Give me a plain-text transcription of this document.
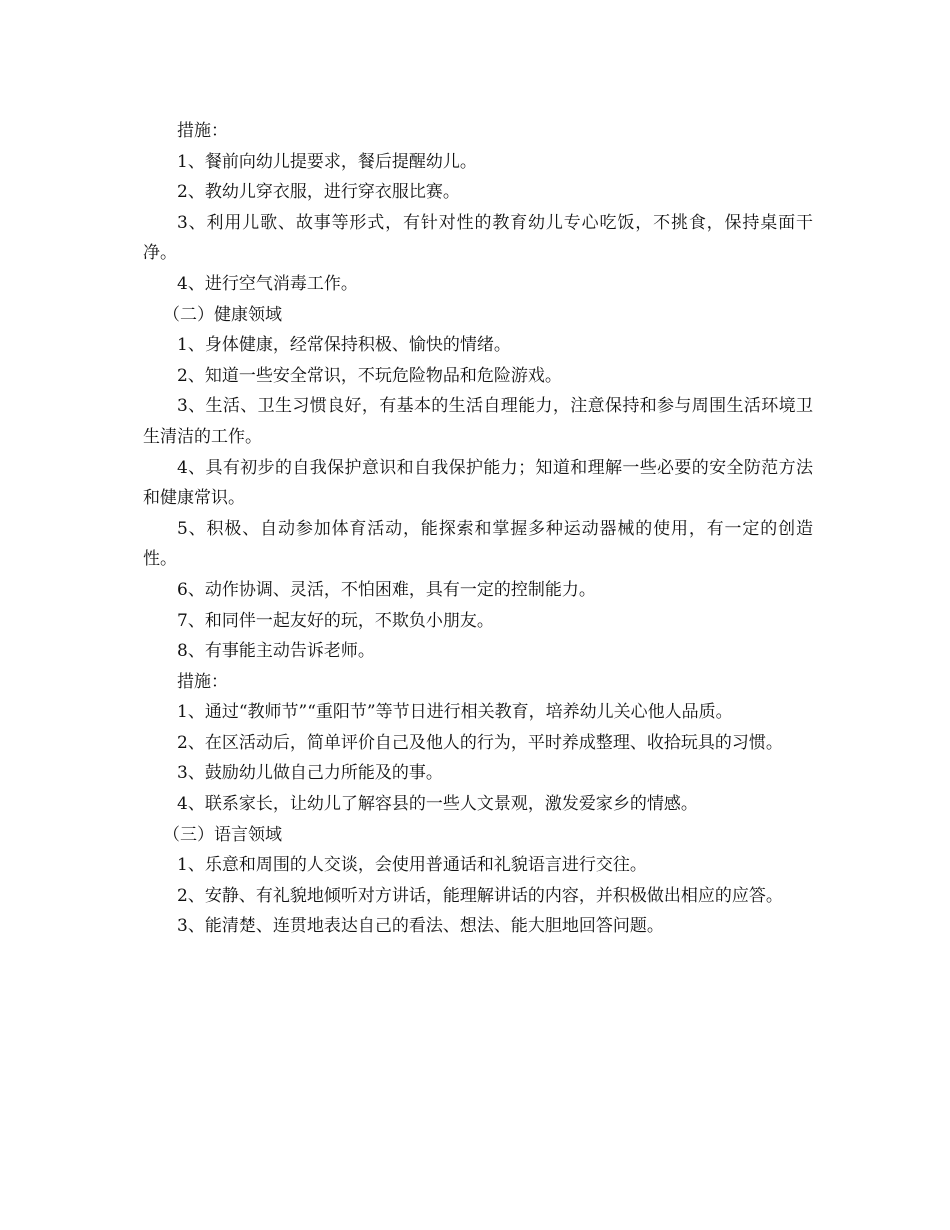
措施：

1、餐前向幼儿提要求，餐后提醒幼儿。

2、教幼儿穿衣服，进行穿衣服比赛。

3、利用儿歌、故事等形式，有针对性的教育幼儿专心吃饭，不挑食，保持桌面干净。

4、进行空气消毒工作。

（二）健康领域

1、身体健康，经常保持积极、愉快的情绪。

2、知道一些安全常识，不玩危险物品和危险游戏。

3、生活、卫生习惯良好，有基本的生活自理能力，注意保持和参与周围生活环境卫生清洁的工作。

4、具有初步的自我保护意识和自我保护能力；知道和理解一些必要的安全防范方法和健康常识。

5、积极、自动参加体育活动，能探索和掌握多种运动器械的使用，有一定的创造性。

6、动作协调、灵活，不怕困难，具有一定的控制能力。

7、和同伴一起友好的玩，不欺负小朋友。

8、有事能主动告诉老师。

措施：

1、通过“教师节”“重阳节”等节日进行相关教育，培养幼儿关心他人品质。

2、在区活动后，简单评价自己及他人的行为，平时养成整理、收拾玩具的习惯。

3、鼓励幼儿做自己力所能及的事。

4、联系家长，让幼儿了解容县的一些人文景观，激发爱家乡的情感。

（三）语言领域

1、乐意和周围的人交谈，会使用普通话和礼貌语言进行交往。

2、安静、有礼貌地倾听对方讲话，能理解讲话的内容，并积极做出相应的应答。

3、能清楚、连贯地表达自己的看法、想法、能大胆地回答问题。
